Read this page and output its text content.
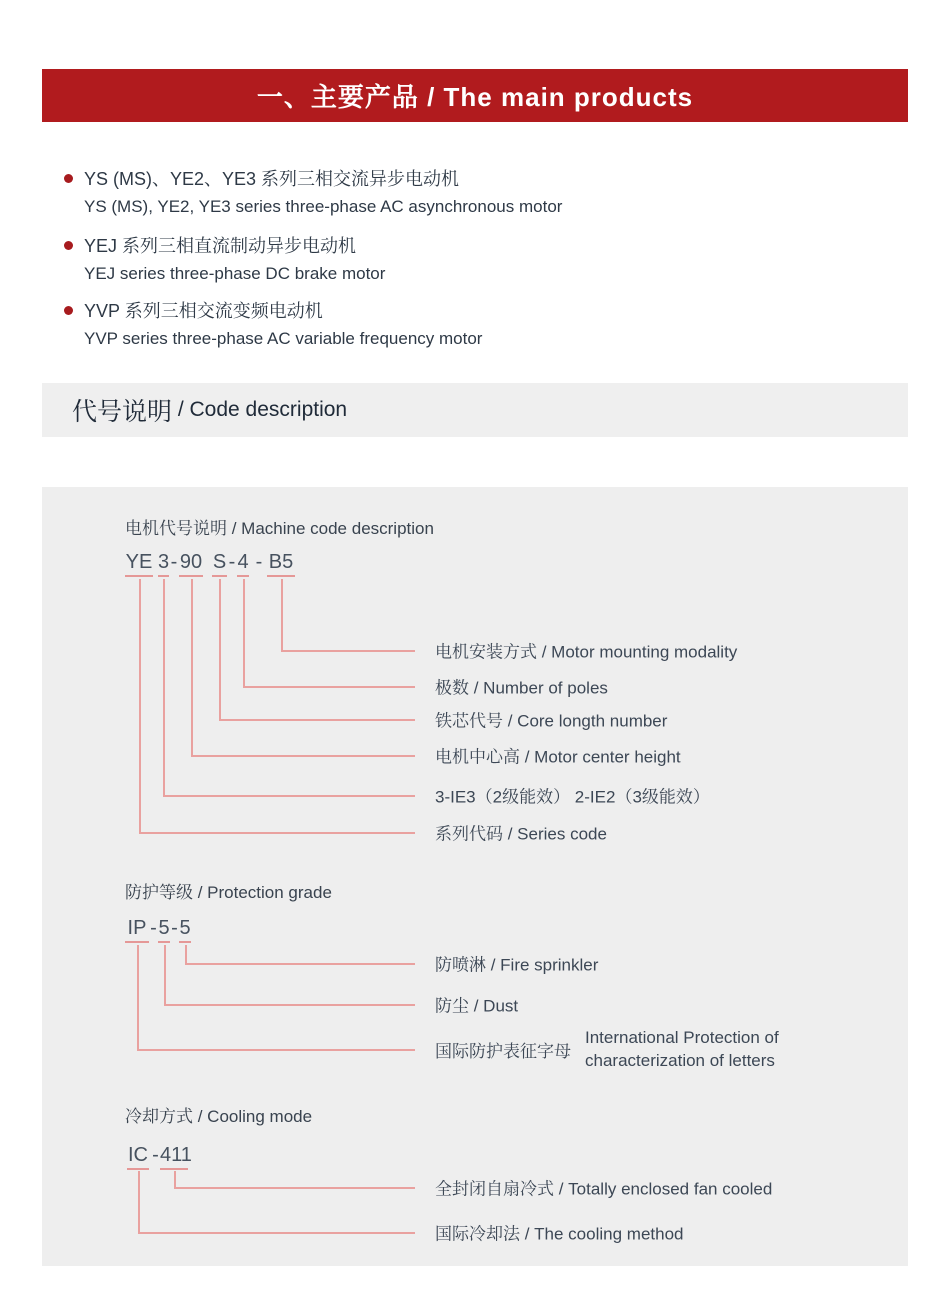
一、主要产品 / The main products
YS (MS)、YE2、YE3 系列三相交流异步电动机
YS (MS), YE2, YE3 series three-phase AC asynchronous motor
YEJ 系列三相直流制动异步电动机
YEJ series three-phase DC brake motor
YVP 系列三相交流变频电动机
YVP series three-phase AC variable frequency motor
代号说明 / Code description
电机代号说明 / Machine code description
YE 3 - 90 S - 4 - B5
电机安装方式 / Motor mounting modality
极数 / Number of poles
铁芯代号 / Core longth number
电机中心高 / Motor center height
3-IE3（2级能效） 2-IE2（3级能效）
系列代码 / Series code
防护等级 / Protection grade
IP - 5 - 5
防喷淋 / Fire sprinkler
防尘 / Dust
国际防护表征字母
International Protection of
characterization of letters
冷却方式 / Cooling mode
IC - 411
全封闭自扇冷式 / Totally enclosed fan cooled
国际冷却法 / The cooling method
